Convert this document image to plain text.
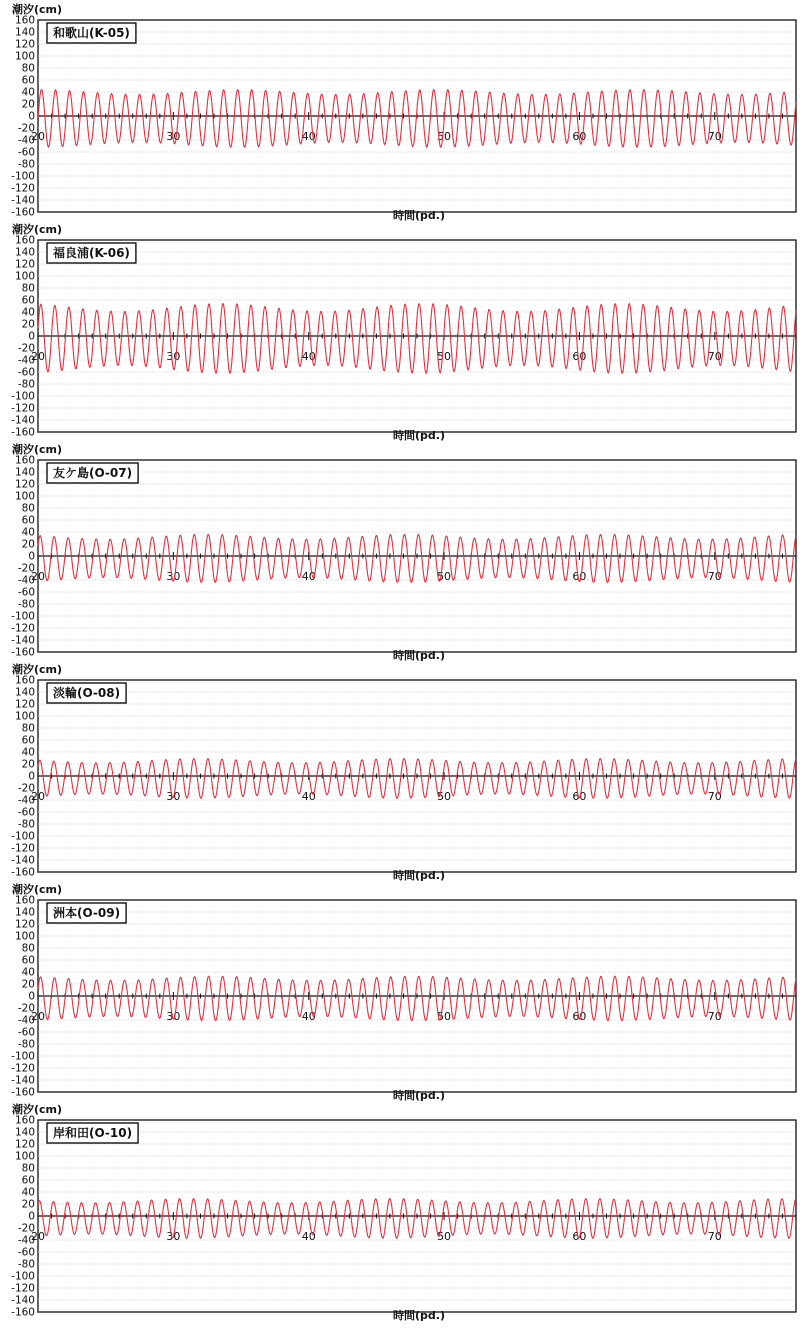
160
140
120
100
80
60
40
20
0
-20
-40
-60
-80
-100
-120
-140
-160
潮汐(cm)
時間(pd.)
20	30	40	50	60	70
和歌山(K-05)
160
140
120
100
80
60
40
20
0
-20
-40
-60
-80
-100
-120
-140
-160
潮汐(cm)
時間(pd.)
20	30	40	50	60	70
福良浦(K-06)
160
140
120
100
80
60
40
20
0
-20
-40
-60
-80
-100
-120
-140
-160
潮汐(cm)
時間(pd.)
20	30	40	50	60	70
友ケ島(O-07)
160
140
120
100
80
60
40
20
0
-20
-40
-60
-80
-100
-120
-140
-160
潮汐(cm)
時間(pd.)
20	30	40	50	60	70
淡輪(O-08)
160
140
120
100
80
60
40
20
0
-20
-40
-60
-80
-100
-120
-140
-160
潮汐(cm)
時間(pd.)
20	30	40	50	60	70
洲本(O-09)
160
140
120
100
80
60
40
20
0
-20
-40
-60
-80
-100
-120
-140
-160
潮汐(cm)
時間(pd.)
20	30	40	50	60	70
岸和田(O-10)
